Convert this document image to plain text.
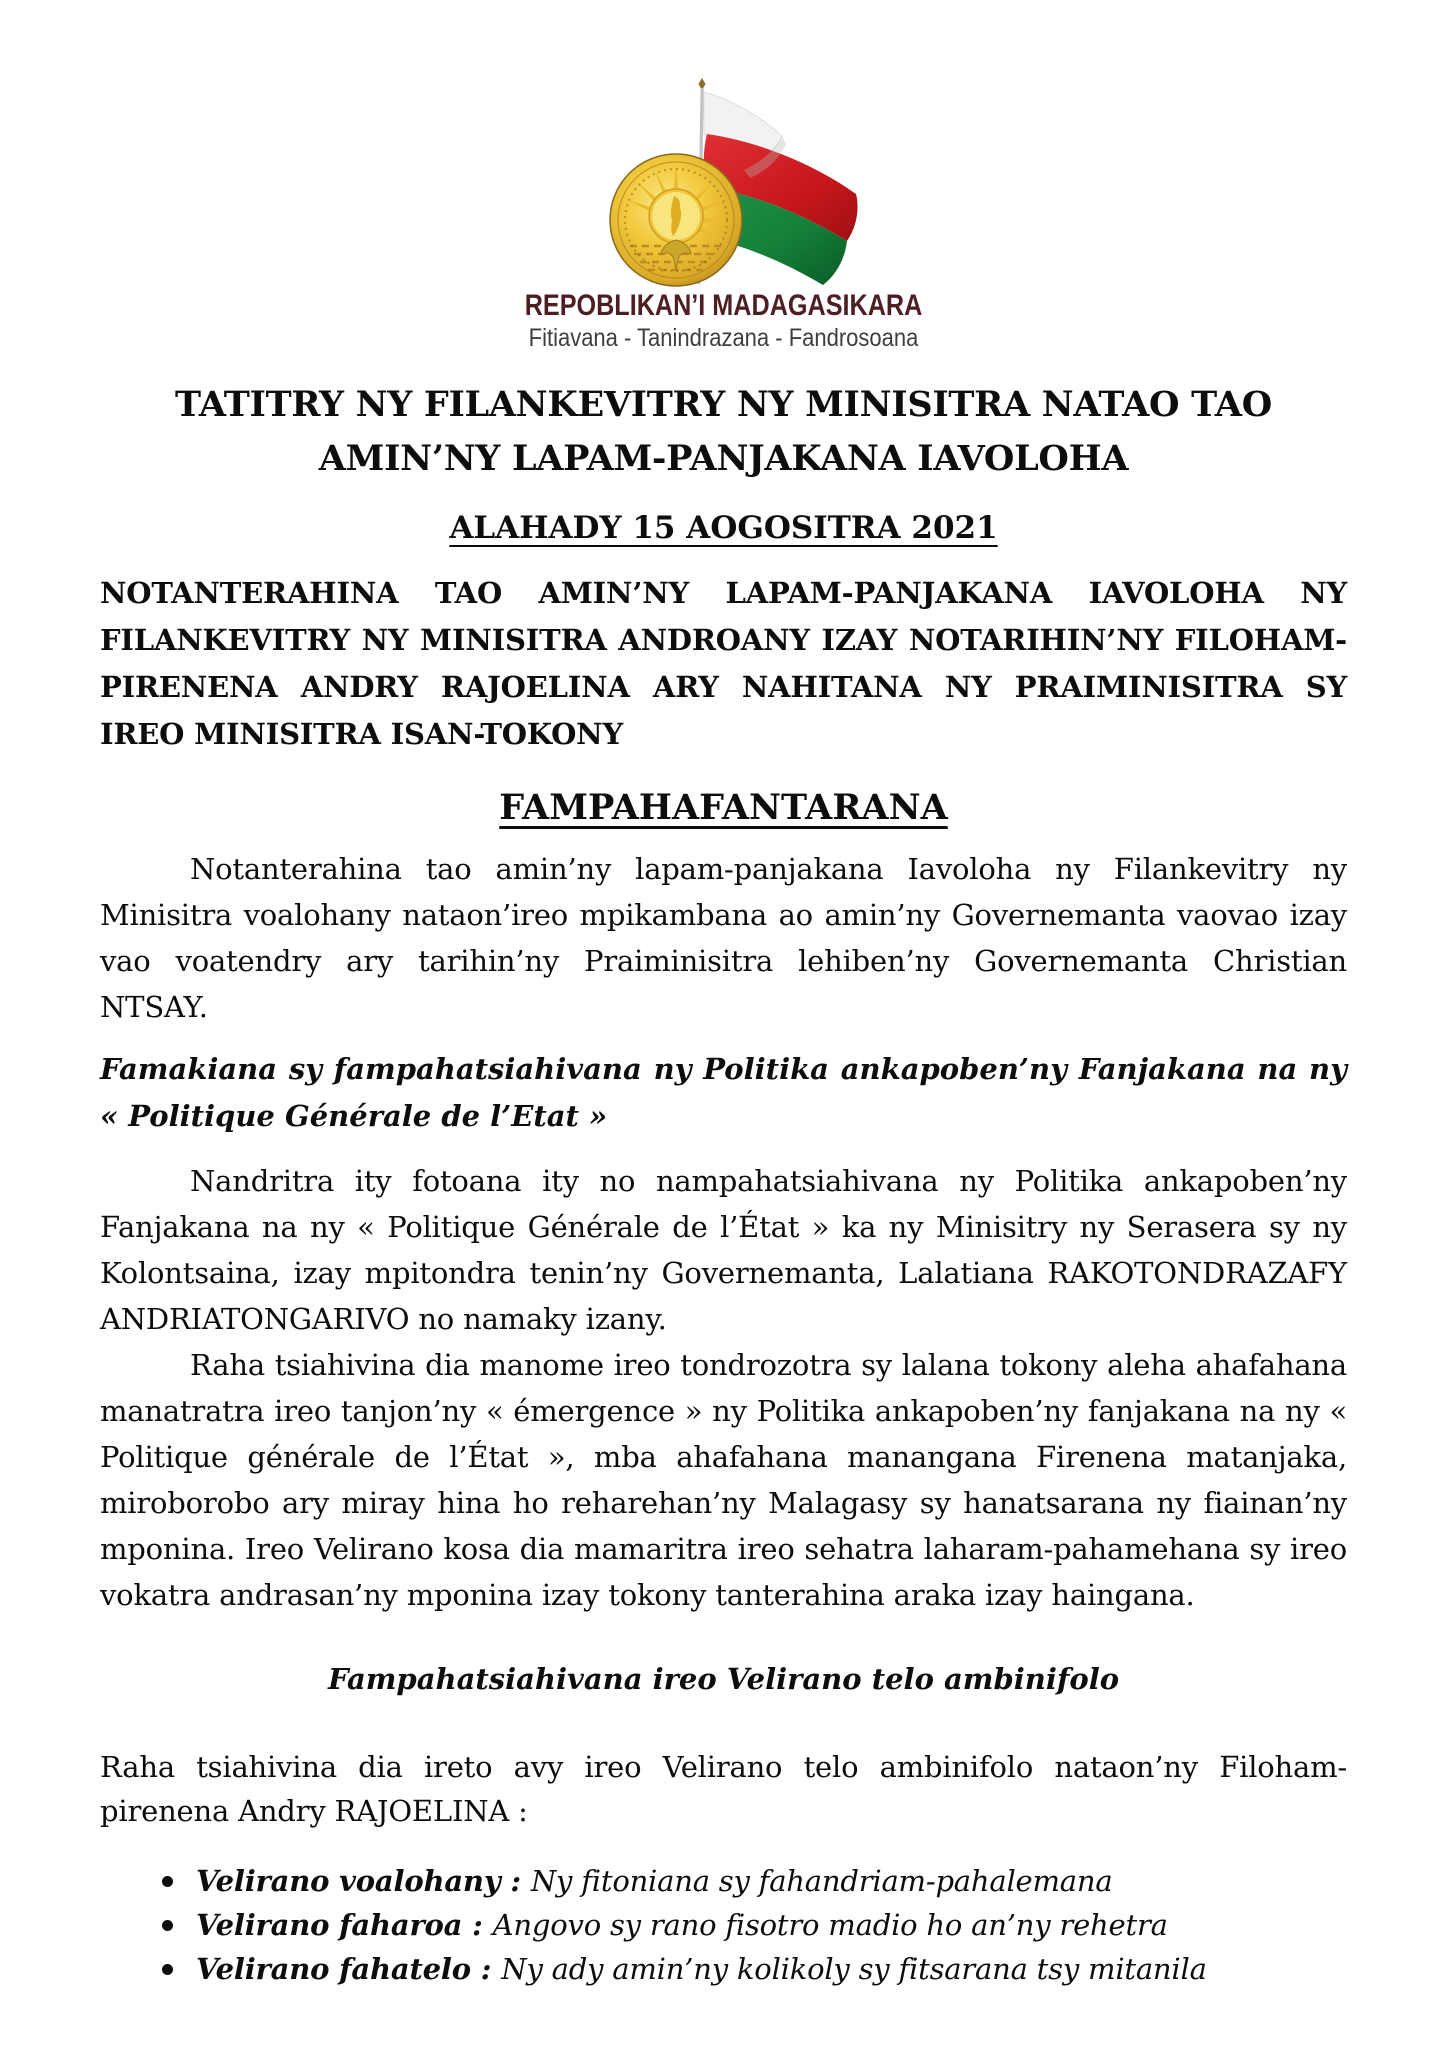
REPOBLIKAN’I MADAGASIKARA
Fitiavana - Tanindrazana - Fandrosoana
TATITRY NY FILANKEVITRY NY MINISITRA NATAO TAO
AMIN’NY LAPAM-PANJAKANA IAVOLOHA
ALAHADY 15 AOGOSITRA 2021

NOTANTERAHINA TAO AMIN’NY LAPAM-PANJAKANA IAVOLOHA NY FILANKEVITRY NY MINISITRA ANDROANY IZAY NOTARIHIN’NY FILOHAM-PIRENENA ANDRY RAJOELINA ARY NAHITANA NY PRAIMINISITRA SY IREO MINISITRA ISAN-TOKONY

FAMPAHAFANTARANA

Notanterahina tao amin’ny lapam-panjakana Iavoloha ny Filankevitry ny Minisitra voalohany nataon’ireo mpikambana ao amin’ny Governemanta vaovao izay vao voatendry ary tarihin’ny Praiminisitra lehiben’ny Governemanta Christian NTSAY.

Famakiana sy fampahatsiahivana ny Politika ankapoben’ny Fanjakana na ny « Politique Générale de l’Etat »

Nandritra ity fotoana ity no nampahatsiahivana ny Politika ankapoben’ny Fanjakana na ny « Politique Générale de l’État » ka ny Minisitry ny Serasera sy ny Kolontsaina, izay mpitondra tenin’ny Governemanta, Lalatiana RAKOTONDRAZAFY ANDRIATONGARIVO no namaky izany.

Raha tsiahivina dia manome ireo tondrozotra sy lalana tokony aleha ahafahana manatratra ireo tanjon’ny « émergence » ny Politika ankapoben’ny fanjakana na ny « Politique générale de l’État », mba ahafahana manangana Firenena matanjaka, miroborobo ary miray hina ho reharehan’ny Malagasy sy hanatsarana ny fiainan’ny mponina. Ireo Velirano kosa dia mamaritra ireo sehatra laharam-pahamehana sy ireo vokatra andrasan’ny mponina izay tokony tanterahina araka izay haingana.

Fampahatsiahivana ireo Velirano telo ambinifolo

Raha tsiahivina dia ireto avy ireo Velirano telo ambinifolo nataon’ny Filoham-pirenena Andry RAJOELINA :

Velirano voalohany : Ny fitoniana sy fahandriam-pahalemana
Velirano faharoa : Angovo sy rano fisotro madio ho an’ny rehetra
Velirano fahatelo : Ny ady amin’ny kolikoly sy fitsarana tsy mitanila
